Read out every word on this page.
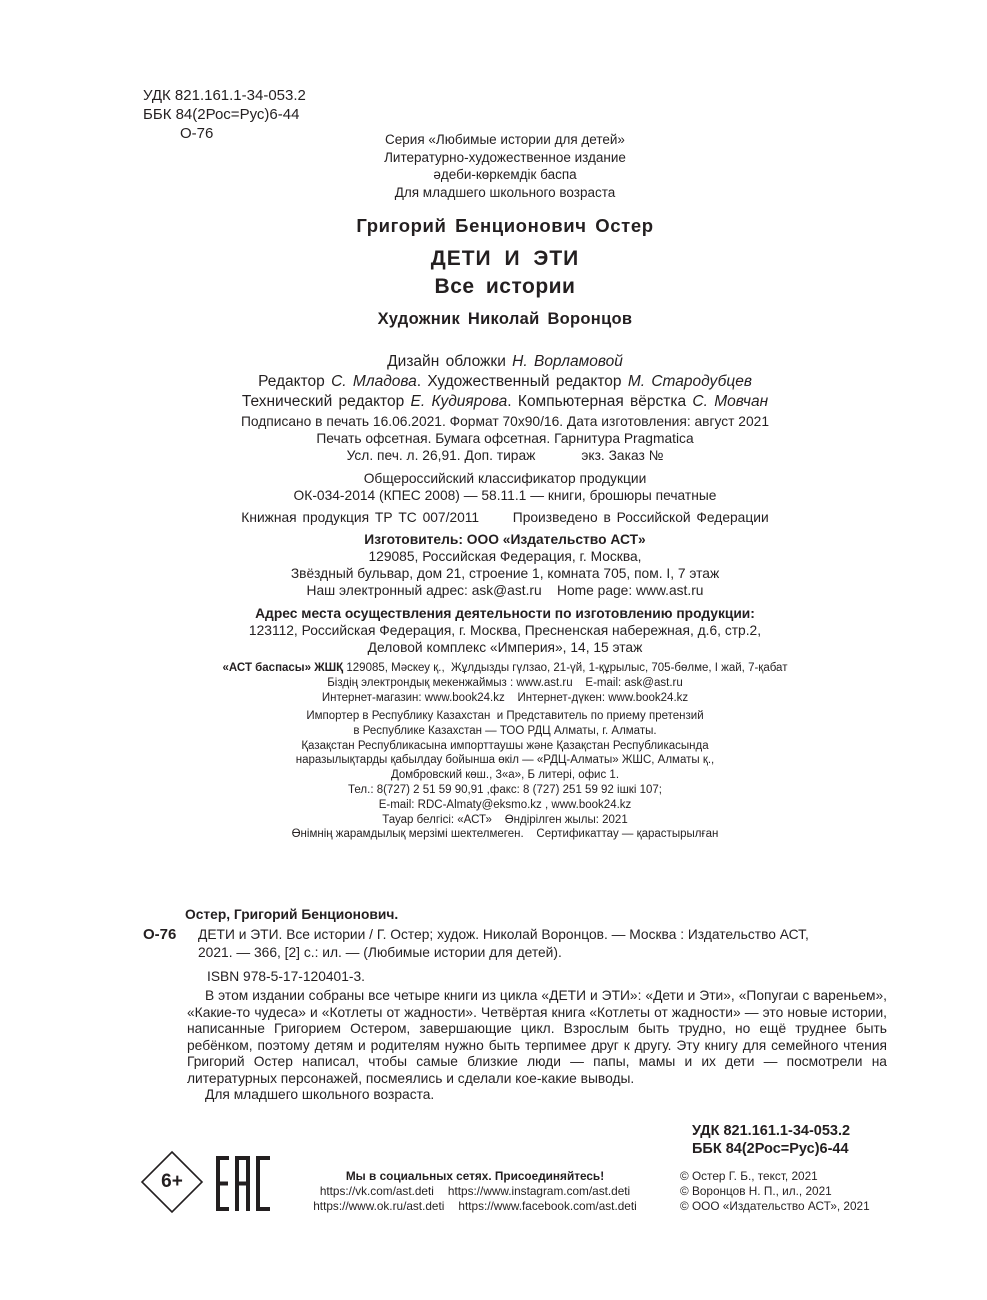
УДК 821.161.1-34-053.2
ББК 84(2Рос=Рус)6-44
О-76	Серия «Любимые истории для детей»
Литературно-художественное издание
әдеби-көркемдік баспа
Для младшего школьного возраста
Григорий Бенционович Остер
ДЕТИ И ЭТИ
Все истории
Художник Николай Воронцов
Дизайн обложки Н. Ворламовой
Редактор С. Младова. Художественный редактор М. Стародубцев
Технический редактор Е. Кудиярова. Компьютерная вёрстка С. Мовчан
Подписано в печать 16.06.2021. Формат 70x90/16. Дата изготовления: август 2021
Печать офсетная. Бумага офсетная. Гарнитура Pragmatica
Усл. печ. л. 26,91. Доп. тираж            экз. Заказ №
Общероссийский классификатор продукции
ОК-034-2014 (КПЕС 2008) — 58.11.1 — книги, брошюры печатные
Книжная продукция ТР ТС 007/2011 Произведено в Российской Федерации
Изготовитель: ООО «Издательство АСТ»
129085, Российская Федерация, г. Москва,
Звёздный бульвар, дом 21, строение 1, комната 705, пом. I, 7 этаж
Наш электронный адрес: ask@ast.ru    Home page: www.ast.ru
Адрес места осуществления деятельности по изготовлению продукции:
123112, Российская Федерация, г. Москва, Пресненская набережная, д.6, стр.2,
Деловой комплекс «Империя», 14, 15 этаж
«АСТ баспасы» ЖШҚ 129085, Мәскеу қ.,  Жұлдызды гүлзао, 21-үй, 1-құрылыс, 705-бөлме, I жай, 7-қабат
Біздің электрондық мекенжаймыз : www.ast.ru    E-mail: ask@ast.ru
Интернет-магазин: www.book24.kz    Интернет-дүкен: www.book24.kz
Импортер в Республику Казахстан  и Представитель по приему претензий
в Республике Казахстан — ТОО РДЦ Алматы, г. Алматы.
Қазақстан Республикасына импорттаушы және Қазақстан Республикасында
наразылықтарды қабылдау бойынша өкіл — «РДЦ-Алматы» ЖШС, Алматы қ.,
Домбровский көш., 3«а», Б литері, офис 1.
Тел.: 8(727) 2 51 59 90,91 ,факс: 8 (727) 251 59 92 ішкі 107;
E-mail: RDC-Almaty@eksmo.kz , www.book24.kz
Тауар белгісі: «АСТ»    Өндірілген жылы: 2021
Өнімнің жарамдылық мерзімі шектелмеген.    Сертификаттау — қарастырылған
Остер, Григорий Бенционович.
О-76 ДЕТИ и ЭТИ. Все истории / Г. Остер; худож. Николай Воронцов. — Москва : Издательство АСТ,
2021. — 366, [2] с.: ил. — (Любимые истории для детей).
ISBN 978-5-17-120401-3.

В этом издании собраны все четыре книги из цикла «ДЕТИ и ЭТИ»: «Дети и Эти», «Попугаи с вареньем», «Какие-то чудеса» и «Котлеты от жадности». Четвёртая книга «Котлеты от жадности» — это новые истории, написанные Григорием Остером, завершающие цикл. Взрослым быть трудно, но ещё труднее быть ребёнком, поэтому детям и родителям нужно быть терпимее друг к другу. Эту книгу для семейного чтения Григорий Остер написал, чтобы самые близкие люди — папы, мамы и их дети — посмотрели на литературных персонажей, посмеялись и сделали кое-какие выводы.

Для младшего школьного возраста.

УДК 821.161.1-34-053.2
ББК 84(2Рос=Рус)6-44
6+	Мы в социальных сетях. Присоединяйтесь!
https://vk.com/ast.deti https://www.instagram.com/ast.deti
https://www.ok.ru/ast.deti https://www.facebook.com/ast.deti
© Остер Г. Б., текст, 2021
© Воронцов Н. П., ил., 2021
© ООО «Издательство АСТ», 2021
